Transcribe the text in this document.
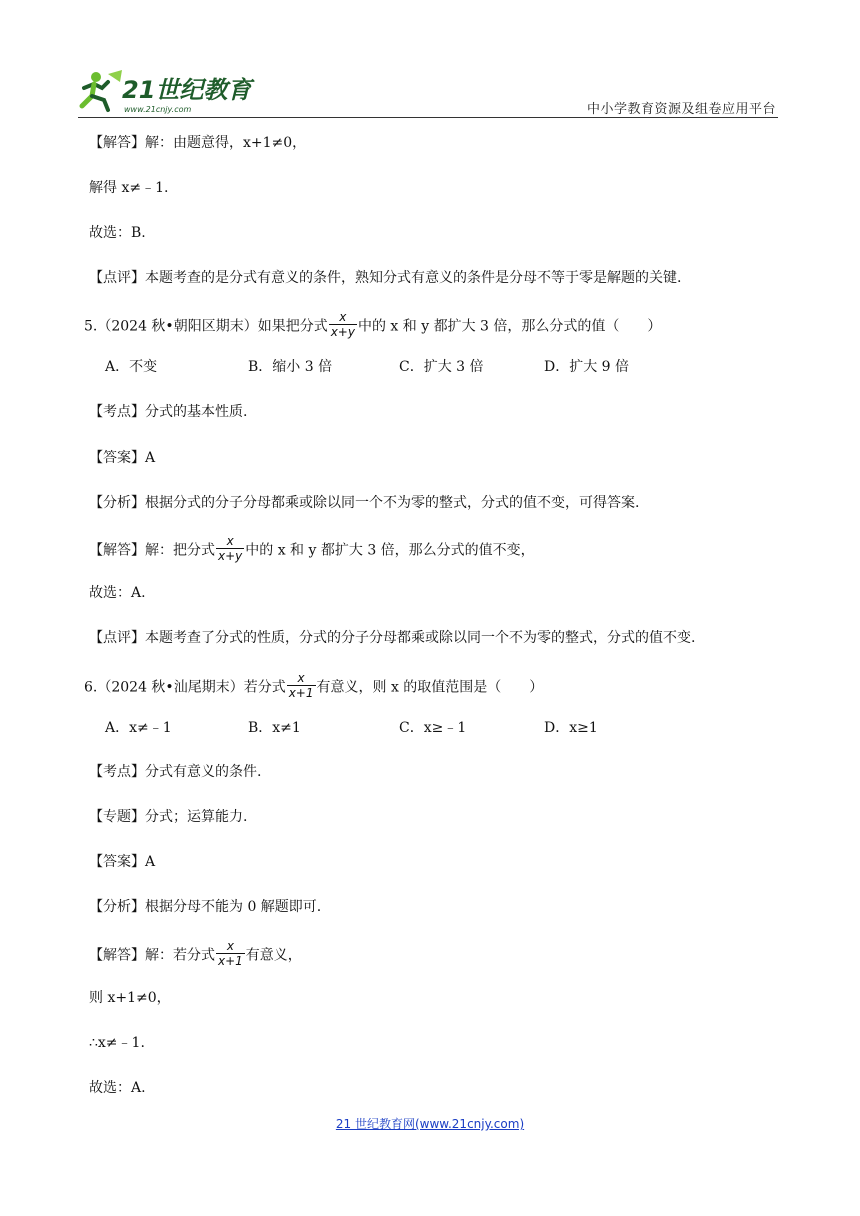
21世纪教育
www.21cnjy.com	中小学教育资源及组卷应用平台
【解答】解：由题意得，x+1≠0，
解得 x≠﹣1.
故选：B.
【点评】本题考查的是分式有意义的条件，熟知分式有意义的条件是分母不等于零是解题的关键.
5.（2024 秋•朝阳区期末）如果把分式 $\frac{x}{x+y}$ 中的 x 和 y 都扩大 3 倍，那么分式的值（　　）
A．不变	B．缩小 3 倍	C．扩大 3 倍	D．扩大 9 倍
【考点】分式的基本性质.
【答案】A
【分析】根据分式的分子分母都乘或除以同一个不为零的整式，分式的值不变，可得答案.
【解答】解：把分式 $\frac{x}{x+y}$ 中的 x 和 y 都扩大 3 倍，那么分式的值不变，
故选：A.
【点评】本题考查了分式的性质，分式的分子分母都乘或除以同一个不为零的整式，分式的值不变.
6.（2024 秋•汕尾期末）若分式 $\frac{x}{x+1}$ 有意义，则 x 的取值范围是（　　）
A．x≠﹣1	B．x≠1	C．x≥﹣1	D．x≥1
【考点】分式有意义的条件.
【专题】分式；运算能力.
【答案】A
【分析】根据分母不能为 0 解题即可.
【解答】解：若分式 $\frac{x}{x+1}$ 有意义，
则 x+1≠0，
∴x≠﹣1.
故选：A.
21 世纪教育网(www.21cnjy.com)
